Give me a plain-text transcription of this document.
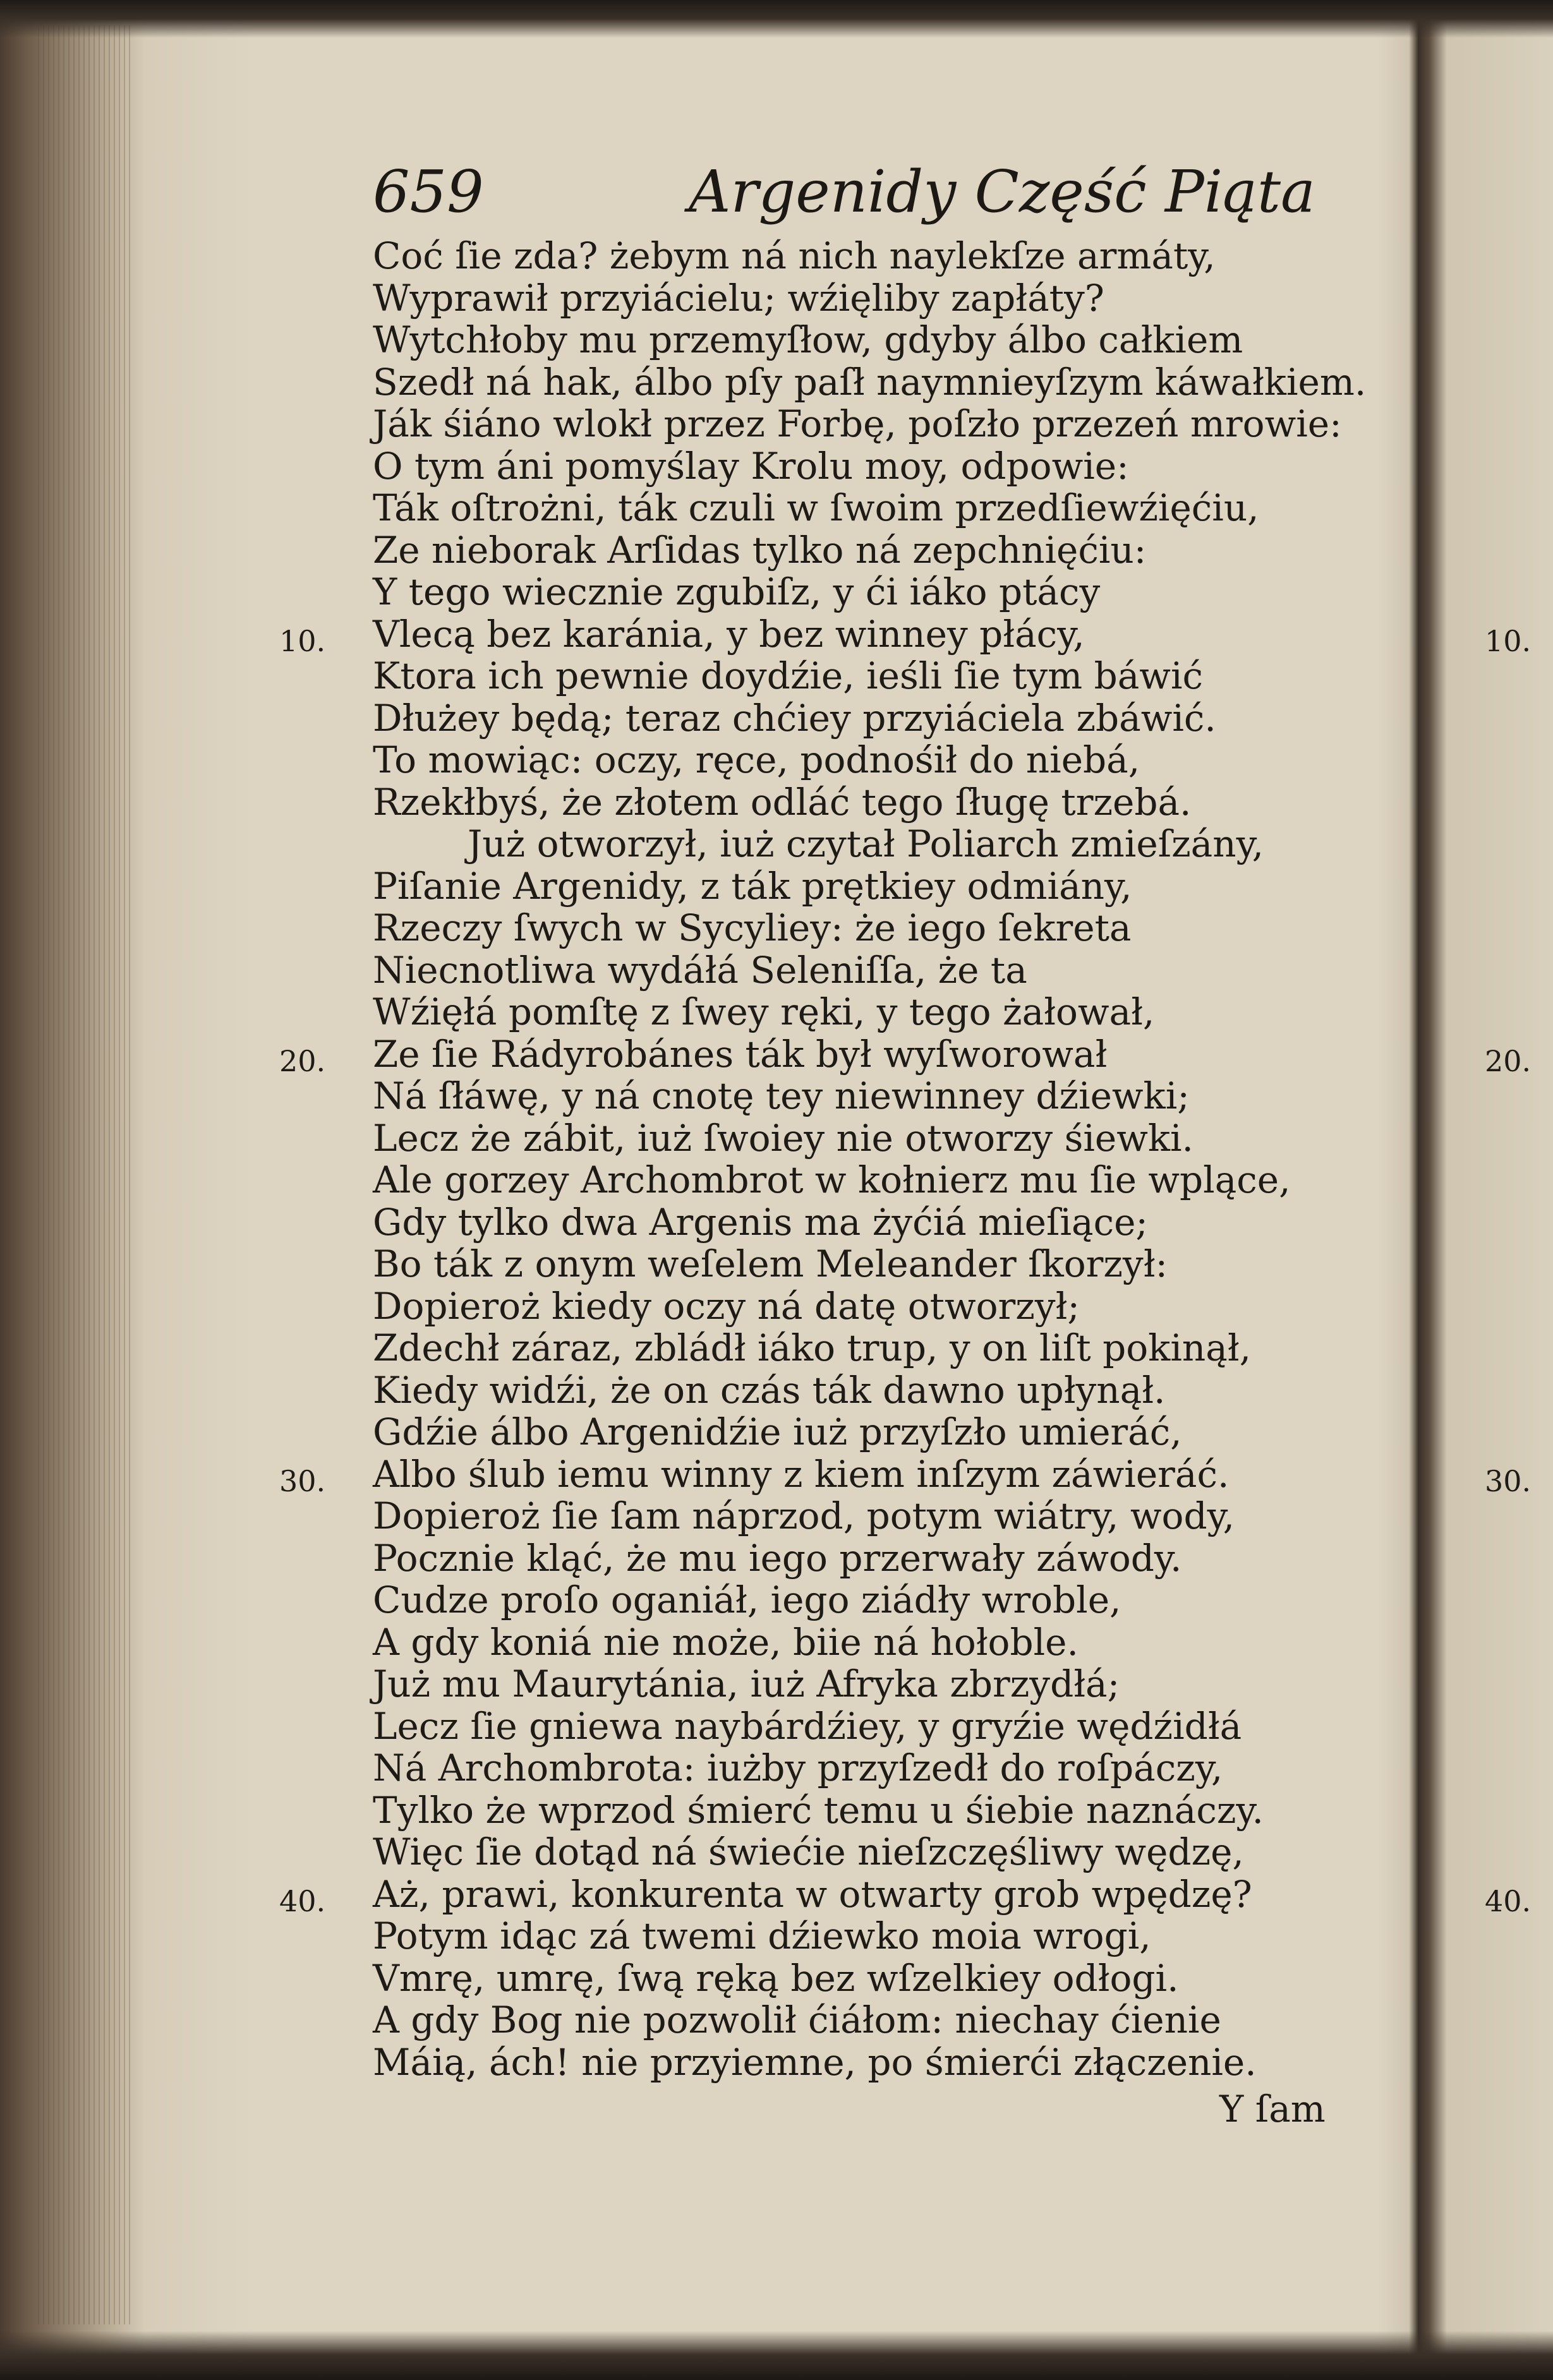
659	Argenidy Część Piąta
Coć ſie zda? żebym ná nich naylekſze armáty,
Wyprawił przyiácielu; wźięliby zapłáty?
Wytchłoby mu przemyſłow, gdyby álbo całkiem
Szedł ná hak, álbo pſy paſł naymnieyſzym káwałkiem.
Ják śiáno wlokł przez Forbę, poſzło przezeń mrowie:
O tym áni pomyślay Krolu moy, odpowie:
Ták oſtrożni, ták czuli w ſwoim przedſiewźięćiu,
Ze nieborak Arſidas tylko ná zepchnięćiu:
Y tego wiecznie zgubiſz, y ći iáko ptácy
Vlecą bez karánia, y bez winney płácy,
Ktora ich pewnie doydźie, ieśli ſie tym báwić
Dłużey będą; teraz chćiey przyiáciela zbáwić.
To mowiąc: oczy, ręce, podnośił do niebá,
Rzekłbyś, że złotem odláć tego ſługę trzebá.
Już otworzył, iuż czytał Poliarch zmieſzány,
Piſanie Argenidy, z ták prętkiey odmiány,
Rzeczy ſwych w Sycyliey: że iego ſekreta
Niecnotliwa wydáłá Seleniſſa, że ta
Wźięłá pomſtę z ſwey ręki, y tego żałował,
Ze ſie Rádyrobánes ták był wyſworował
Ná ſłáwę, y ná cnotę tey niewinney dźiewki;
Lecz że zábit, iuż ſwoiey nie otworzy śiewki.
Ale gorzey Archombrot w kołnierz mu ſie wplące,
Gdy tylko dwa Argenis ma żyćiá mieſiące;
Bo ták z onym weſelem Meleander ſkorzył:
Dopieroż kiedy oczy ná datę otworzył;
Zdechł záraz, zbládł iáko trup, y on liſt pokinął,
Kiedy widźi, że on czás ták dawno upłynął.
Gdźie álbo Argenidźie iuż przyſzło umieráć,
Albo ślub iemu winny z kiem inſzym záwieráć.
Dopieroż ſie ſam náprzod, potym wiátry, wody,
Pocznie kląć, że mu iego przerwały záwody.
Cudze proſo oganiáł, iego ziádły wroble,
A gdy koniá nie może, biie ná hołoble.
Już mu Maurytánia, iuż Afryka zbrzydłá;
Lecz ſie gniewa naybárdźiey, y gryźie wędźidłá
Ná Archombrota: iużby przyſzedł do roſpáczy,
Tylko że wprzod śmierć temu u śiebie naznáczy.
Więc ſie dotąd ná świećie nieſzczęśliwy wędzę,
Aż, prawi, konkurenta w otwarty grob wpędzę?
Potym idąc zá twemi dźiewko moia wrogi,
Vmrę, umrę, ſwą ręką bez wſzelkiey odłogi.
A gdy Bog nie pozwolił ćiáłom: niechay ćienie
Máią, ách! nie przyiemne, po śmierći złączenie.
10.
20.
30.
40.
10.
20.
30.
40.
Y ſam
